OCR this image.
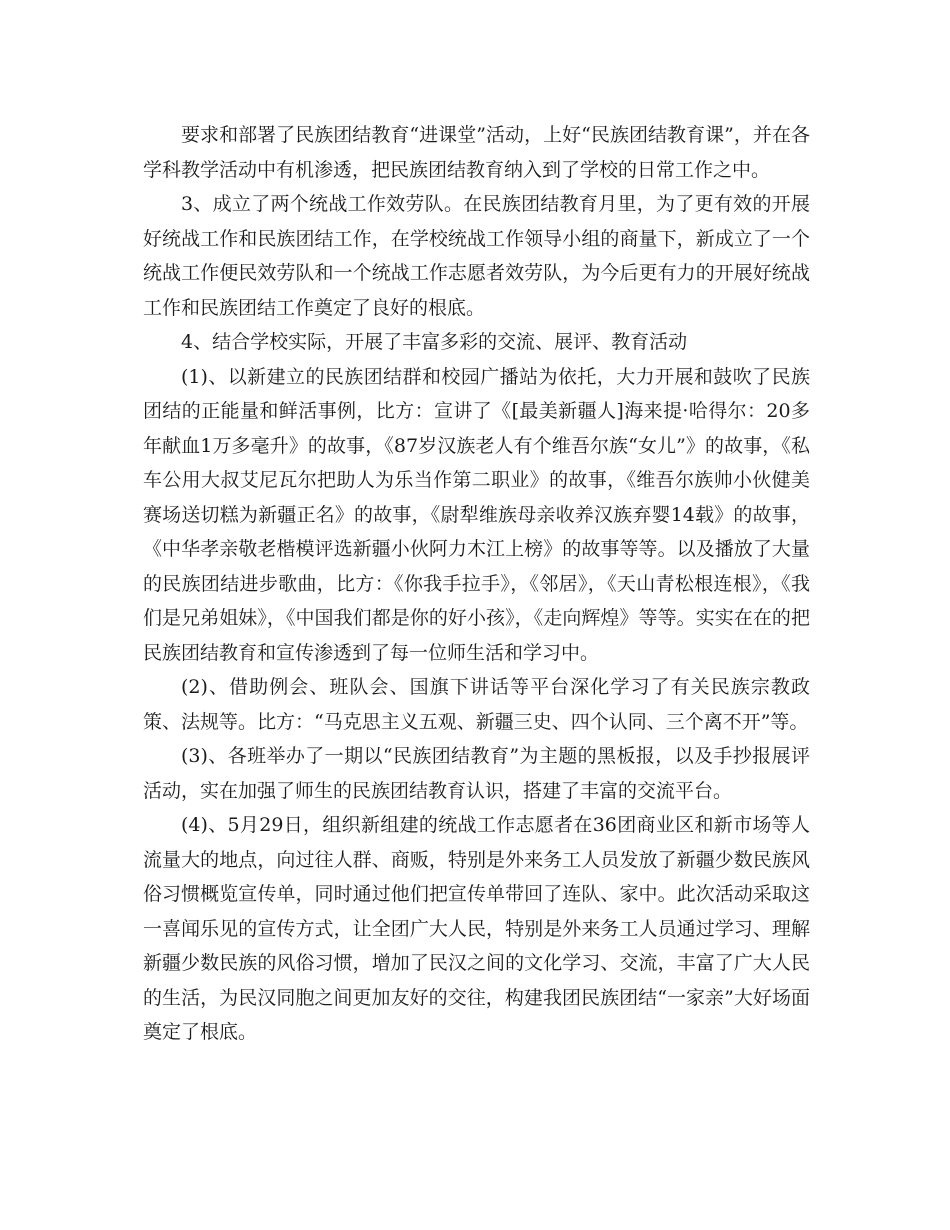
要求和部署了民族团结教育“进课堂”活动，上好“民族团结教育课”，并在各学科教学活动中有机渗透，把民族团结教育纳入到了学校的日常工作之中。

3、成立了两个统战工作效劳队。在民族团结教育月里，为了更有效的开展好统战工作和民族团结工作，在学校统战工作领导小组的商量下，新成立了一个统战工作便民效劳队和一个统战工作志愿者效劳队，为今后更有力的开展好统战工作和民族团结工作奠定了良好的根底。

4、结合学校实际，开展了丰富多彩的交流、展评、教育活动

(1)、以新建立的民族团结群和校园广播站为依托，大力开展和鼓吹了民族团结的正能量和鲜活事例，比方：宣讲了《[最美新疆人]海来提·哈得尔：20多年献血1万多毫升》的故事，《87岁汉族老人有个维吾尔族“女儿”》的故事，《私车公用大叔艾尼瓦尔把助人为乐当作第二职业》的故事，《维吾尔族帅小伙健美赛场送切糕为新疆正名》的故事，《尉犁维族母亲收养汉族弃婴14载》的故事，《中华孝亲敬老楷模评选新疆小伙阿力木江上榜》的故事等等。以及播放了大量的民族团结进步歌曲，比方：《你我手拉手》，《邻居》，《天山青松根连根》，《我们是兄弟姐妹》，《中国我们都是你的好小孩》，《走向辉煌》等等。实实在在的把民族团结教育和宣传渗透到了每一位师生活和学习中。

(2)、借助例会、班队会、国旗下讲话等平台深化学习了有关民族宗教政策、法规等。比方：“马克思主义五观、新疆三史、四个认同、三个离不开”等。

(3)、各班举办了一期以“民族团结教育”为主题的黑板报，以及手抄报展评活动，实在加强了师生的民族团结教育认识，搭建了丰富的交流平台。

(4)、5月29日，组织新组建的统战工作志愿者在36团商业区和新市场等人流量大的地点，向过往人群、商贩，特别是外来务工人员发放了新疆少数民族风俗习惯概览宣传单，同时通过他们把宣传单带回了连队、家中。此次活动采取这一喜闻乐见的宣传方式，让全团广大人民，特别是外来务工人员通过学习、理解新疆少数民族的风俗习惯，增加了民汉之间的文化学习、交流，丰富了广大人民的生活，为民汉同胞之间更加友好的交往，构建我团民族团结“一家亲”大好场面奠定了根底。
